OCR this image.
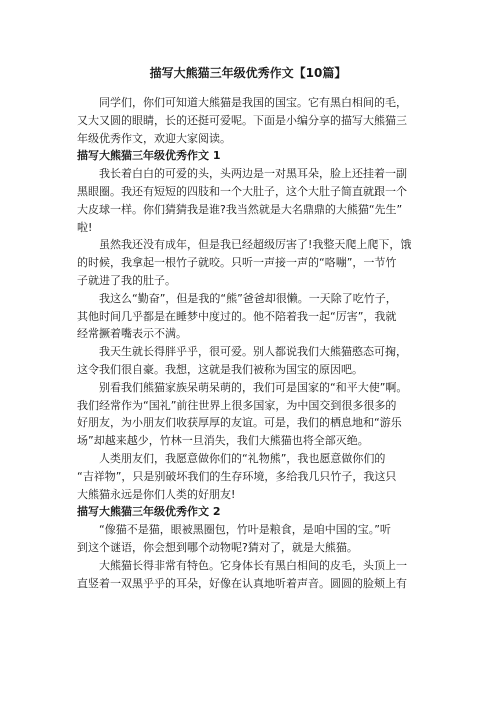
描写大熊猫三年级优秀作文【10篇】
同学们，你们可知道大熊猫是我国的国宝。它有黑白相间的毛，
又大又圆的眼睛，长的还挺可爱呢。下面是小编分享的描写大熊猫三
年级优秀作文，欢迎大家阅读。
描写大熊猫三年级优秀作文 1
我长着白白的可爱的头，头两边是一对黑耳朵，脸上还挂着一副
黑眼圈。我还有短短的四肢和一个大肚子，这个大肚子简直就跟一个
大皮球一样。你们猜猜我是谁?我当然就是大名鼎鼎的大熊猫“先生”
啦!
虽然我还没有成年，但是我已经超级厉害了!我整天爬上爬下，饿
的时候，我拿起一根竹子就咬。只听一声接一声的“咯嘣”，一节竹
子就进了我的肚子。
我这么“勤奋”，但是我的“熊”爸爸却很懒。一天除了吃竹子，
其他时间几乎都是在睡梦中度过的。他不陪着我一起“厉害”，我就
经常撅着嘴表示不满。
我天生就长得胖乎乎，很可爱。别人都说我们大熊猫憨态可掬，
这令我们很自豪。我想，这就是我们被称为国宝的原因吧。
别看我们熊猫家族呆萌呆萌的，我们可是国家的“和平大使”啊。
我们经常作为“国礼”前往世界上很多国家，为中国交到很多很多的
好朋友，为小朋友们收获厚厚的友谊。可是，我们的栖息地和“游乐
场”却越来越少，竹林一旦消失，我们大熊猫也将全部灭绝。
人类朋友们，我愿意做你们的“礼物熊”，我也愿意做你们的
“吉祥物”，只是别破坏我们的生存环境，多给我几只竹子，我这只
大熊猫永远是你们人类的好朋友!
描写大熊猫三年级优秀作文 2
“像猫不是猫，眼被黑圈包，竹叶是粮食，是咱中国的宝。”听
到这个谜语，你会想到哪个动物呢?猜对了，就是大熊猫。
大熊猫长得非常有特色。它身体长有黑白相间的皮毛，头顶上一
直竖着一双黑乎乎的耳朵，好像在认真地听着声音。圆圆的脸颊上有
